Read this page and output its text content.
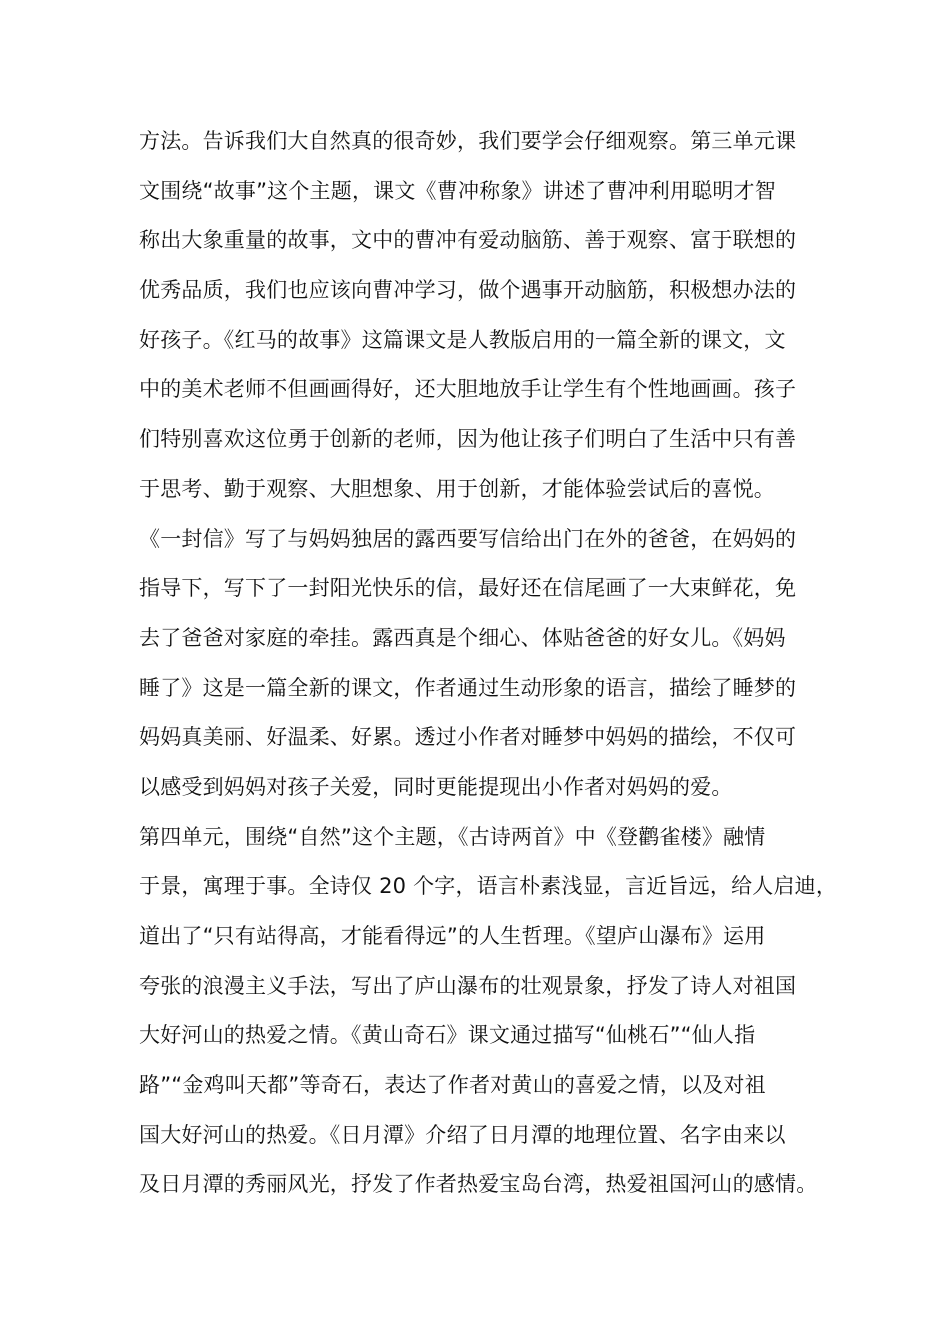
方法。告诉我们大自然真的很奇妙，我们要学会仔细观察。第三单元课
文围绕“故事”这个主题，课文《曹冲称象》讲述了曹冲利用聪明才智
称出大象重量的故事，文中的曹冲有爱动脑筋、善于观察、富于联想的
优秀品质，我们也应该向曹冲学习，做个遇事开动脑筋，积极想办法的
好孩子。《红马的故事》这篇课文是人教版启用的一篇全新的课文，文
中的美术老师不但画画得好，还大胆地放手让学生有个性地画画。孩子
们特别喜欢这位勇于创新的老师，因为他让孩子们明白了生活中只有善
于思考、勤于观察、大胆想象、用于创新，才能体验尝试后的喜悦。
《一封信》写了与妈妈独居的露西要写信给出门在外的爸爸，在妈妈的
指导下，写下了一封阳光快乐的信，最好还在信尾画了一大束鲜花，免
去了爸爸对家庭的牵挂。露西真是个细心、体贴爸爸的好女儿。《妈妈
睡了》这是一篇全新的课文，作者通过生动形象的语言，描绘了睡梦的
妈妈真美丽、好温柔、好累。透过小作者对睡梦中妈妈的描绘，不仅可
以感受到妈妈对孩子关爱，同时更能提现出小作者对妈妈的爱。
第四单元，围绕“自然”这个主题，《古诗两首》中《登鹳雀楼》融情
于景，寓理于事。全诗仅 20 个字，语言朴素浅显，言近旨远，给人启迪，
道出了“只有站得高，才能看得远”的人生哲理。《望庐山瀑布》运用
夸张的浪漫主义手法，写出了庐山瀑布的壮观景象，抒发了诗人对祖国
大好河山的热爱之情。《黄山奇石》课文通过描写“仙桃石”“仙人指
路”“金鸡叫天都”等奇石，表达了作者对黄山的喜爱之情，以及对祖
国大好河山的热爱。《日月潭》介绍了日月潭的地理位置、名字由来以
及日月潭的秀丽风光，抒发了作者热爱宝岛台湾，热爱祖国河山的感情。
